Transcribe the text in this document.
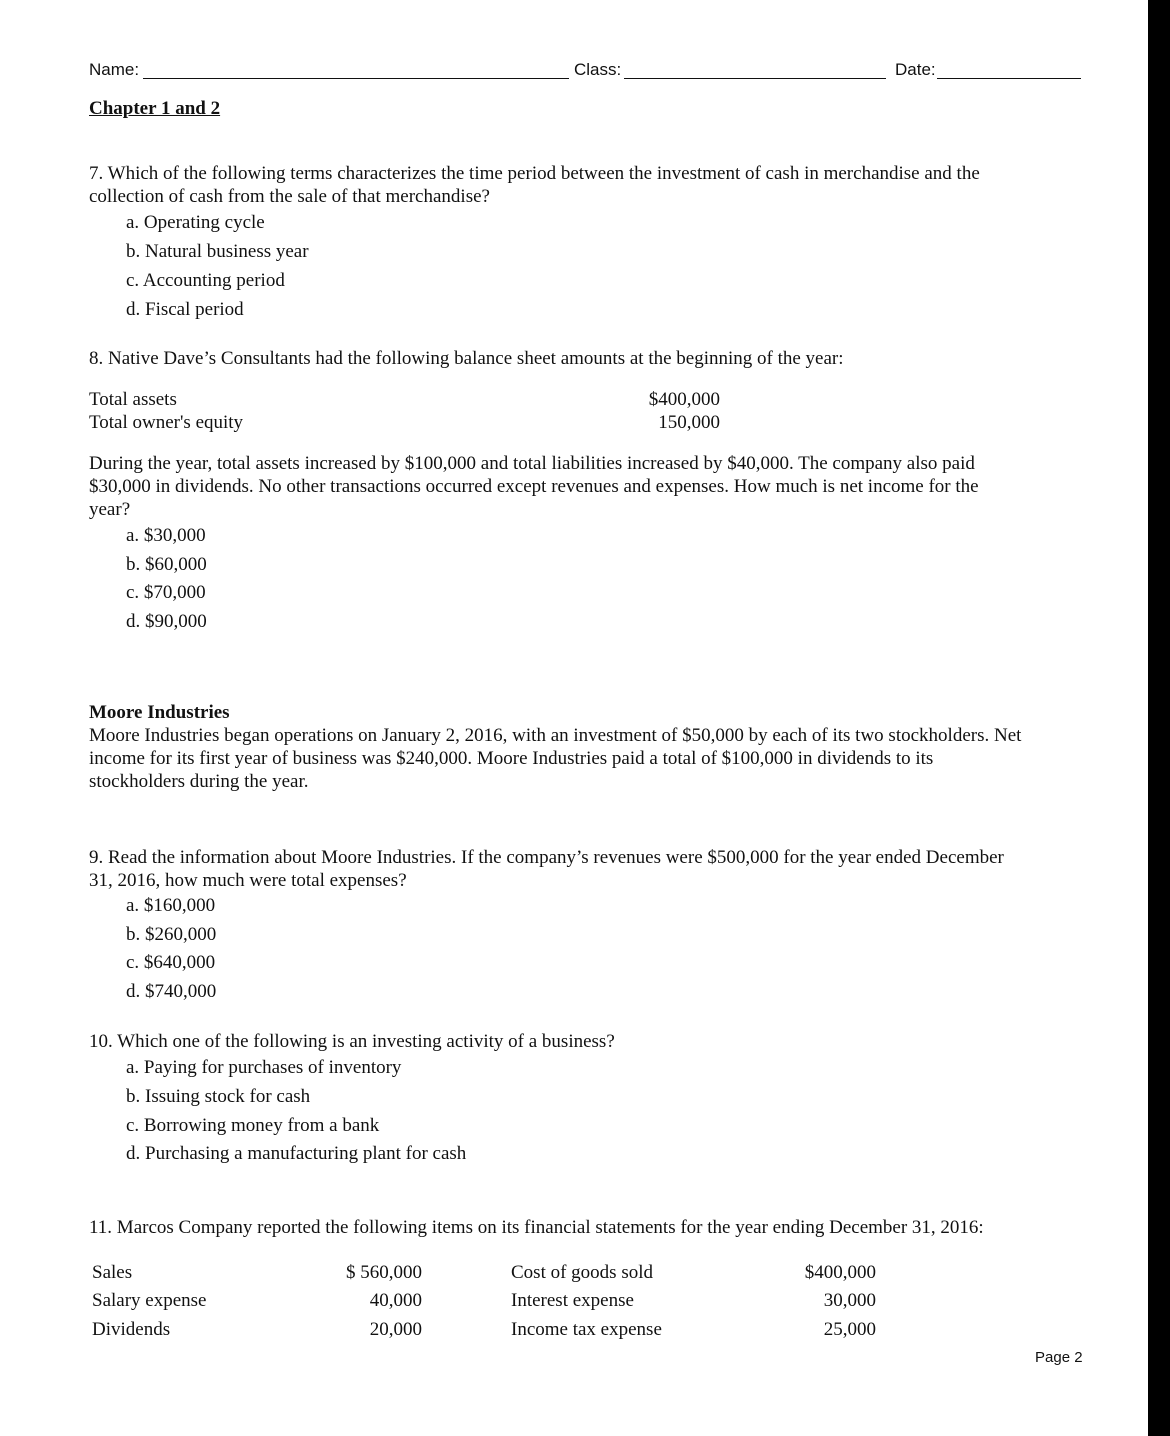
Name:	Class:	Date:
Chapter 1 and 2
7. Which of the following terms characterizes the time period between the investment of cash in merchandise and the
collection of cash from the sale of that merchandise?
a. Operating cycle
b. Natural business year
c. Accounting period
d. Fiscal period
8. Native Dave’s Consultants had the following balance sheet amounts at the beginning of the year:
Total assets	$400,000
Total owner's equity	150,000
During the year, total assets increased by $100,000 and total liabilities increased by $40,000. The company also paid
$30,000 in dividends. No other transactions occurred except revenues and expenses. How much is net income for the
year?
a. $30,000
b. $60,000
c. $70,000
d. $90,000
Moore Industries
Moore Industries began operations on January 2, 2016, with an investment of $50,000 by each of its two stockholders. Net
income for its first year of business was $240,000. Moore Industries paid a total of $100,000 in dividends to its
stockholders during the year.
9. Read the information about Moore Industries. If the company’s revenues were $500,000 for the year ended December
31, 2016, how much were total expenses?
a. $160,000
b. $260,000
c. $640,000
d. $740,000
10. Which one of the following is an investing activity of a business?
a. Paying for purchases of inventory
b. Issuing stock for cash
c. Borrowing money from a bank
d. Purchasing a manufacturing plant for cash
11. Marcos Company reported the following items on its financial statements for the year ending December 31, 2016:
Sales	$ 560,000	Cost of goods sold	$400,000
Salary expense	40,000	Interest expense	30,000
Dividends	20,000	Income tax expense	25,000
Page 2
